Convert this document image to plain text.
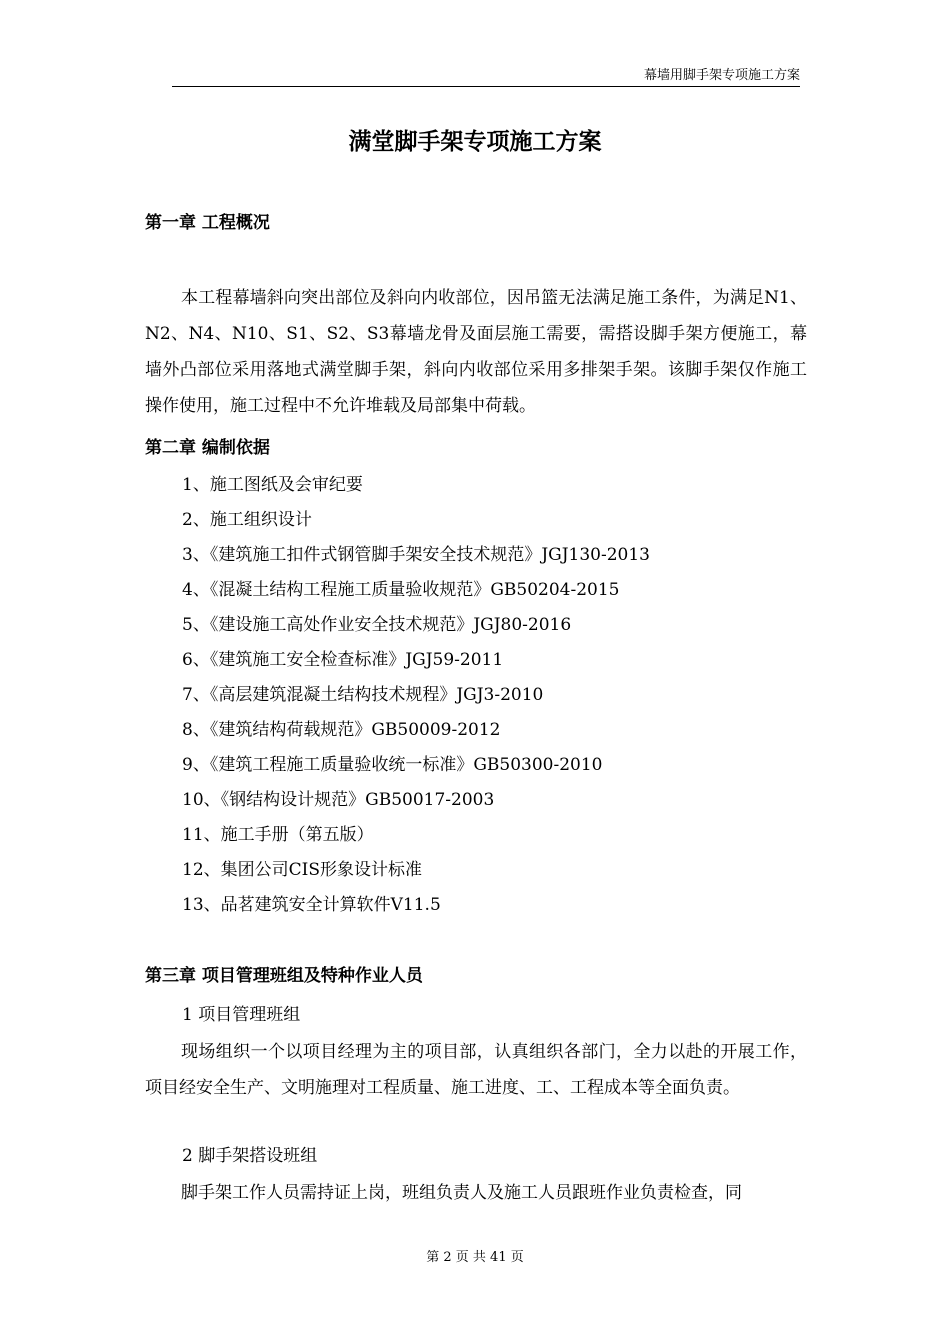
幕墙用脚手架专项施工方案
满堂脚手架专项施工方案
第一章 工程概况

本工程幕墙斜向突出部位及斜向内收部位，因吊篮无法满足施工条件，为满足N1、N2、N4、N10、S1、S2、S3幕墙龙骨及面层施工需要，需搭设脚手架方便施工，幕墙外凸部位采用落地式满堂脚手架，斜向内收部位采用多排架手架。该脚手架仅作施工操作使用，施工过程中不允许堆载及局部集中荷载。

第二章 编制依据
1、施工图纸及会审纪要
2、施工组织设计
3、《建筑施工扣件式钢管脚手架安全技术规范》JGJ130-2013
4、《混凝土结构工程施工质量验收规范》GB50204-2015
5、《建设施工高处作业安全技术规范》JGJ80-2016
6、《建筑施工安全检查标准》JGJ59-2011
7、《高层建筑混凝土结构技术规程》JGJ3-2010
8、《建筑结构荷载规范》GB50009-2012
9、《建筑工程施工质量验收统一标准》GB50300-2010
10、《钢结构设计规范》GB50017-2003
11、施工手册（第五版）
12、集团公司CIS形象设计标准
13、品茗建筑安全计算软件V11.5
第三章 项目管理班组及特种作业人员

1 项目管理班组

现场组织一个以项目经理为主的项目部，认真组织各部门，全力以赴的开展工作，项目经安全生产、文明施理对工程质量、施工进度、工、工程成本等全面负责。

2 脚手架搭设班组

脚手架工作人员需持证上岗，班组负责人及施工人员跟班作业负责检查，同

第 2 页 共 41 页
